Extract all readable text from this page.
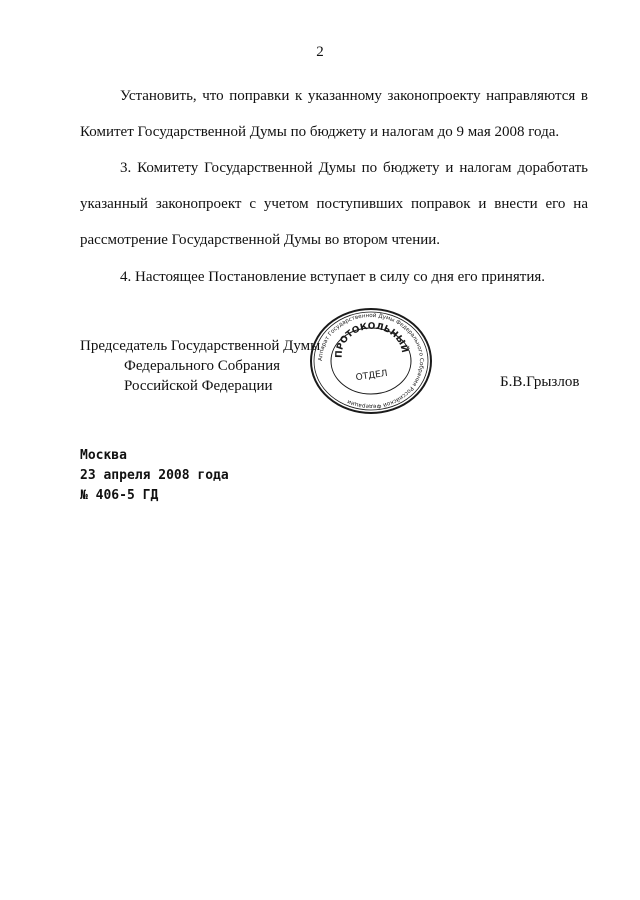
2
Установить, что поправки к указанному законопроекту направляются в Комитет Государственной Думы по бюджету и налогам до 9 мая 2008 года.
3. Комитету Государственной Думы по бюджету и налогам доработать указанный законопроект с учетом поступивших поправок и внести его на рассмотрение Государственной Думы во втором чтении.
4. Настоящее Постановление вступает в силу со дня его принятия.
Председатель Государственной Думы
Федерального Собрания
Российской Федерации
Аппарат Государственной Думы Федерального Собрания Российской Федерации
ПРОТОКОЛЬНЫЙ
ОТДЕЛ	Б.В.Грызлов
Москва
23 апреля 2008 года
№ 406-5 ГД
